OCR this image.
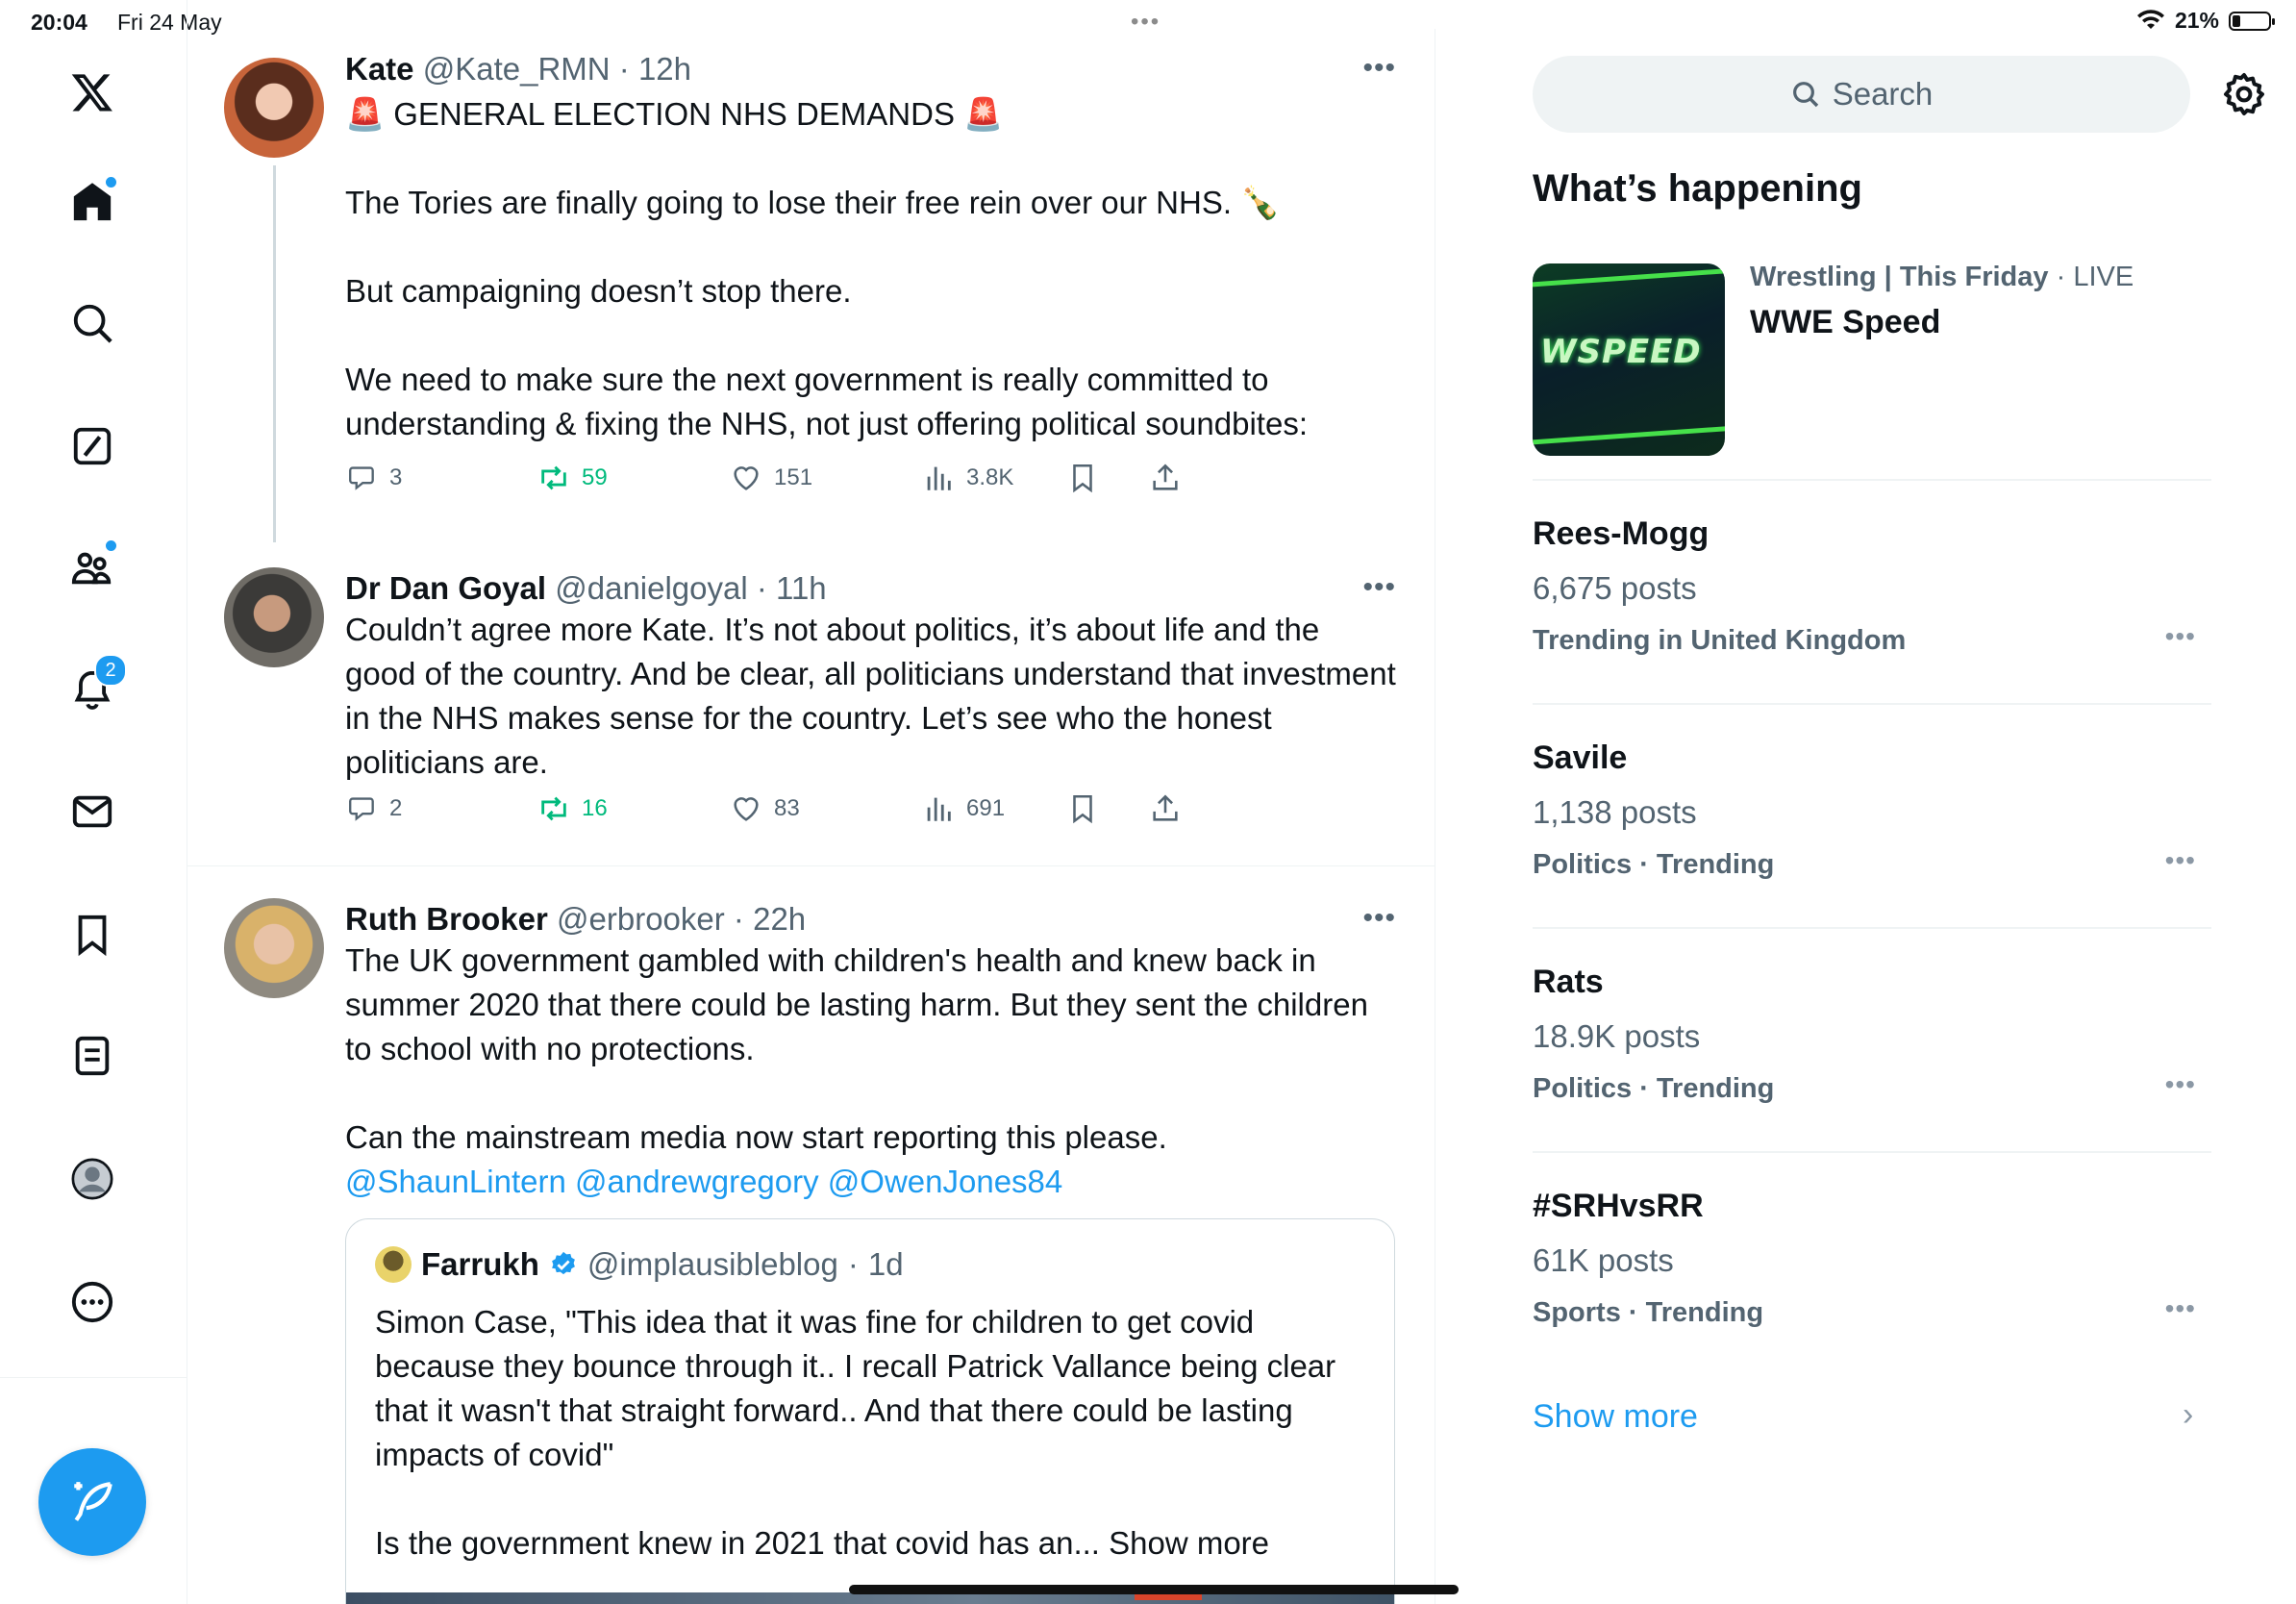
20:04 Fri 24 May	•••	21%
2
•••
Kate @Kate_RMN · 12h

🚨 GENERAL ELECTION NHS DEMANDS 🚨

The Tories are finally going to lose their free rein over our NHS. 🍾

But campaigning doesn’t stop there.

We need to make sure the next government is really committed to understanding & fixing the NHS, not just offering political soundbites:

3	59	151	3.8K
•••
Dr Dan Goyal @danielgoyal · 11h

Couldn’t agree more Kate. It’s not about politics, it’s about life and the good of the country. And be clear, all politicians understand that investment in the NHS makes sense for the country. Let’s see who the honest politicians are.

2	16	83	691
•••
Ruth Brooker @erbrooker · 22h

The UK government gambled with children's health and knew back in summer 2020 that there could be lasting harm. But they sent the children to school with no protections.

Can the mainstream media now start reporting this please.

@ShaunLintern @andrewgregory @OwenJones84

Farrukh @implausibleblog · 1d

Simon Case, "This idea that it was fine for children to get covid because they bounce through it.. I recall Patrick Vallance being clear that it wasn't that straight forward.. And that there could be lasting impacts of covid"

Is the government knew in 2021 that covid has an... Show more

Search
What’s happening
WSPEED
Wrestling | This Friday · LIVE
WWE Speed
Rees-Mogg
6,675 posts
Trending in United Kingdom	•••
Savile
1,138 posts
Politics · Trending	•••
Rats
18.9K posts
Politics · Trending	•••
#SRHvsRR
61K posts
Sports · Trending	•••
Show more	›
